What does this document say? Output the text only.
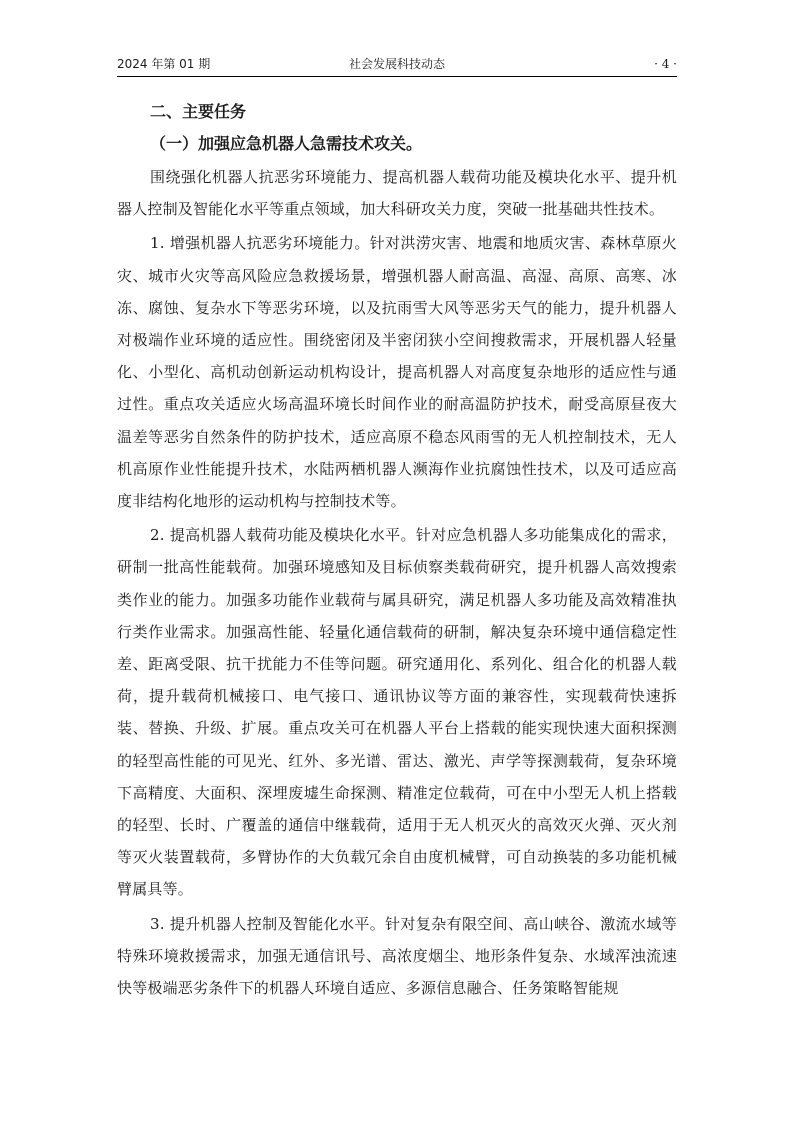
2024 年第 01 期	社会发展科技动态	· 4 ·
二、主要任务
（一）加强应急机器人急需技术攻关。

围绕强化机器人抗恶劣环境能力、提高机器人载荷功能及模块化水平、提升机器人控制及智能化水平等重点领域，加大科研攻关力度，突破一批基础共性技术。

1. 增强机器人抗恶劣环境能力。针对洪涝灾害、地震和地质灾害、森林草原火灾、城市火灾等高风险应急救援场景，增强机器人耐高温、高湿、高原、高寒、冰冻、腐蚀、复杂水下等恶劣环境，以及抗雨雪大风等恶劣天气的能力，提升机器人对极端作业环境的适应性。围绕密闭及半密闭狭小空间搜救需求，开展机器人轻量化、小型化、高机动创新运动机构设计，提高机器人对高度复杂地形的适应性与通过性。重点攻关适应火场高温环境长时间作业的耐高温防护技术，耐受高原昼夜大温差等恶劣自然条件的防护技术，适应高原不稳态风雨雪的无人机控制技术，无人机高原作业性能提升技术，水陆两栖机器人濒海作业抗腐蚀性技术，以及可适应高度非结构化地形的运动机构与控制技术等。

2. 提高机器人载荷功能及模块化水平。针对应急机器人多功能集成化的需求，研制一批高性能载荷。加强环境感知及目标侦察类载荷研究，提升机器人高效搜索类作业的能力。加强多功能作业载荷与属具研究，满足机器人多功能及高效精准执行类作业需求。加强高性能、轻量化通信载荷的研制，解决复杂环境中通信稳定性差、距离受限、抗干扰能力不佳等问题。研究通用化、系列化、组合化的机器人载荷，提升载荷机械接口、电气接口、通讯协议等方面的兼容性，实现载荷快速拆装、替换、升级、扩展。重点攻关可在机器人平台上搭载的能实现快速大面积探测的轻型高性能的可见光、红外、多光谱、雷达、激光、声学等探测载荷，复杂环境下高精度、大面积、深埋废墟生命探测、精准定位载荷，可在中小型无人机上搭载的轻型、长时、广覆盖的通信中继载荷，适用于无人机灭火的高效灭火弹、灭火剂等灭火装置载荷，多臂协作的大负载冗余自由度机械臂，可自动换装的多功能机械臂属具等。

3. 提升机器人控制及智能化水平。针对复杂有限空间、高山峡谷、激流水域等特殊环境救援需求，加强无通信讯号、高浓度烟尘、地形条件复杂、水域浑浊流速快等极端恶劣条件下的机器人环境自适应、多源信息融合、任务策略智能规
